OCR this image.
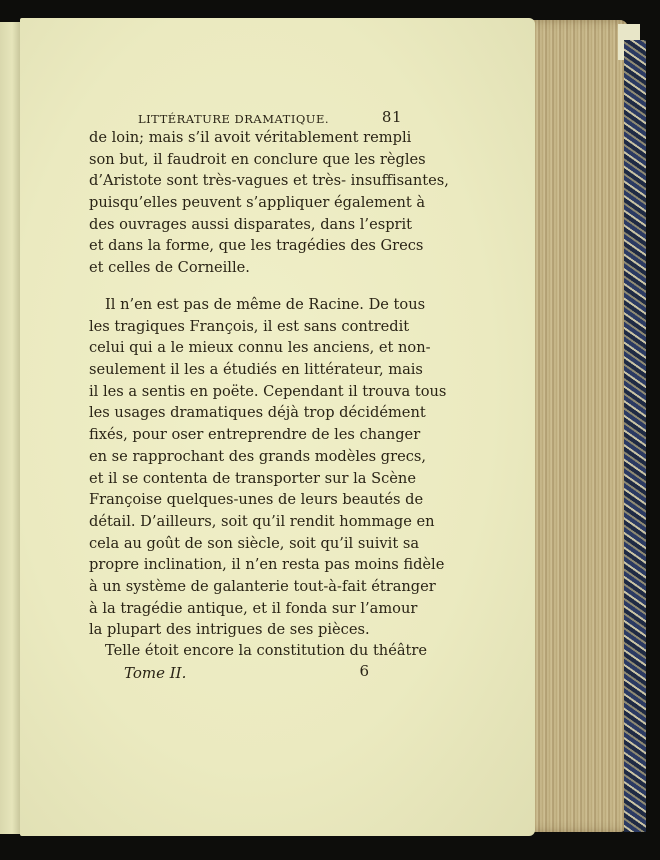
LITTÉRATURE DRAMATIQUE.	81
de loin; mais s’il avoit véritablement rempli
son but, il faudroit en conclure que les règles
d’Aristote sont très-vagues et très- insuffisantes,
puisqu’elles peuvent s’appliquer également à
des ouvrages aussi disparates, dans l’esprit
et dans la forme, que les tragédies des Grecs
et celles de Corneille.
Il n’en est pas de même de Racine. De tous
les tragiques François, il est sans contredit
celui qui a le mieux connu les anciens, et non-
seulement il les a étudiés en littérateur, mais
il les a sentis en poëte. Cependant il trouva tous
les usages dramatiques déjà trop décidément
fixés, pour oser entreprendre de les changer
en se rapprochant des grands modèles grecs,
et il se contenta de transporter sur la Scène
Françoise quelques-unes de leurs beautés de
détail. D’ailleurs, soit qu’il rendit hommage en
cela au goût de son siècle, soit qu’il suivit sa
propre inclination, il n’en resta pas moins fidèle
à un système de galanterie tout-à-fait étranger
à la tragédie antique, et il fonda sur l’amour
la plupart des intrigues de ses pièces.
Telle étoit encore la constitution du théâtre
Tome II.	6
